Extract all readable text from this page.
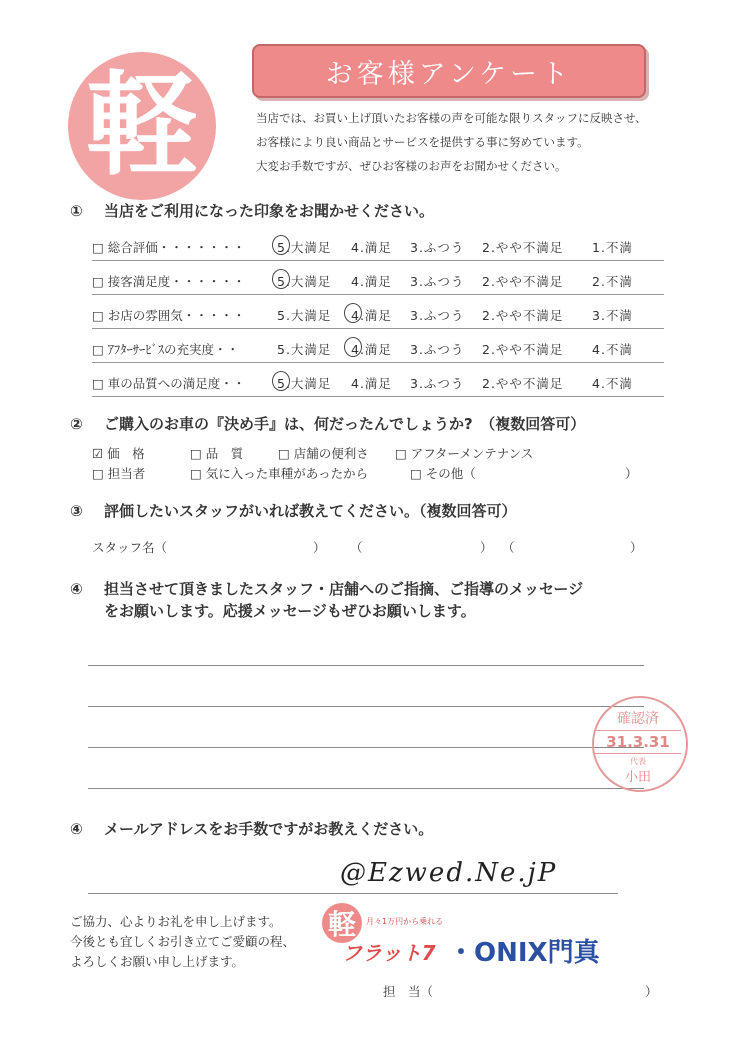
軽	お客様アンケート
当店では、お買い上げ頂いたお客様の声を可能な限りスタッフに反映させ、
お客様により良い商品とサービスを提供する事に努めています。
大変お手数ですが、ぜひお客様のお声をお聞かせください。
① 当店をご利用になった印象をお聞かせください。
□ 総合評価・・・・・・・	5.大満足 4.満足 3.ふつう 2.やや不満足 1.不満
□ 接客満足度・・・・・・	5.大満足 4.満足 3.ふつう 2.やや不満足 2.不満
□ お店の雰囲気・・・・・	5.大満足 4.満足 3.ふつう 2.やや不満足 3.不満
□ ｱﾌﾀｰｻｰﾋﾞｽの充実度・・	5.大満足 4.満足 3.ふつう 2.やや不満足 4.不満
□ 車の品質への満足度・・	5.大満足 4.満足 3.ふつう 2.やや不満足 4.不満
② ご購入のお車の『決め手』は、何だったんでしょうか?　（複数回答可）
☑ 価　格	□ 品　質	□ 店舗の便利さ □ アフターメンテナンス
□ 担当者	□ 気に入った車種があったから	□ その他（	）
③ 評価したいスタッフがいれば教えてください。（複数回答可）
スタッフ名（	） （	） （	）
④ 担当させて頂きましたスタッフ・店舗へのご指摘、ご指導のメッセージ
をお願いします。応援メッセージもぜひお願いします。
確認済
31.3.31
代表
小田
④ メールアドレスをお手数ですがお教えください。
@Ezwed.Ne.jP
ご協力、心よりお礼を申し上げます。
今後とも宜しくお引き立てご愛顧の程、
よろしくお願い申し上げます。
軽	月々1万円から乗れる
フラット7 ・ONIX門真
担　当（	）
